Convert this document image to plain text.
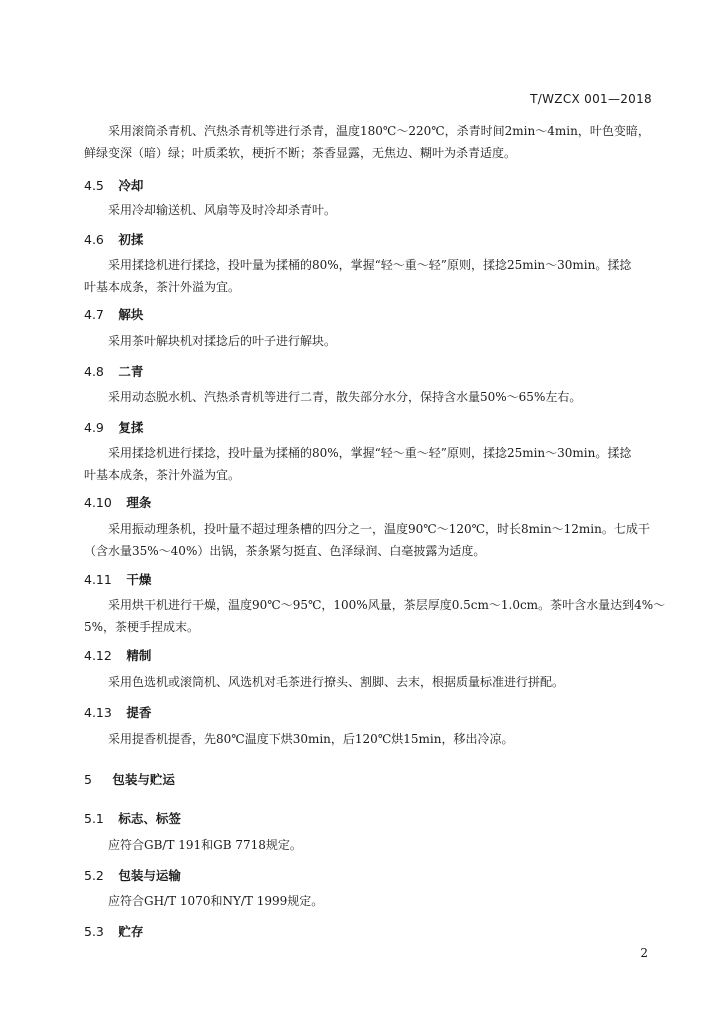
T/WZCX 001—2018
采用滚筒杀青机、汽热杀青机等进行杀青，温度180℃～220℃，杀青时间2min～4min，叶色变暗，
鲜绿变深（暗）绿；叶质柔软，梗折不断；茶香显露，无焦边、糊叶为杀青适度。
4.5 冷却
采用冷却输送机、风扇等及时冷却杀青叶。
4.6 初揉
采用揉捻机进行揉捻，投叶量为揉桶的80%，掌握“轻～重～轻”原则，揉捻25min～30min。揉捻
叶基本成条，茶汁外溢为宜。
4.7 解块
采用茶叶解块机对揉捻后的叶子进行解块。
4.8 二青
采用动态脱水机、汽热杀青机等进行二青，散失部分水分，保持含水量50%～65%左右。
4.9 复揉
采用揉捻机进行揉捻，投叶量为揉桶的80%，掌握“轻～重～轻”原则，揉捻25min～30min。揉捻
叶基本成条，茶汁外溢为宜。
4.10 理条
采用振动理条机，投叶量不超过理条槽的四分之一，温度90℃～120℃，时长8min～12min。七成干
（含水量35%～40%）出锅，茶条紧匀挺直、色泽绿润、白毫披露为适度。
4.11 干燥
采用烘干机进行干燥，温度90℃～95℃，100%风量，茶层厚度0.5cm～1.0cm。茶叶含水量达到4%～
5%，茶梗手捏成末。
4.12 精制
采用色选机或滚筒机、风选机对毛茶进行撩头、割脚、去末，根据质量标准进行拼配。
4.13 提香
采用提香机提香，先80℃温度下烘30min，后120℃烘15min，移出冷凉。
5 包装与贮运
5.1 标志、标签
应符合GB/T 191和GB 7718规定。
5.2 包装与运输
应符合GH/T 1070和NY/T 1999规定。
5.3 贮存
2
